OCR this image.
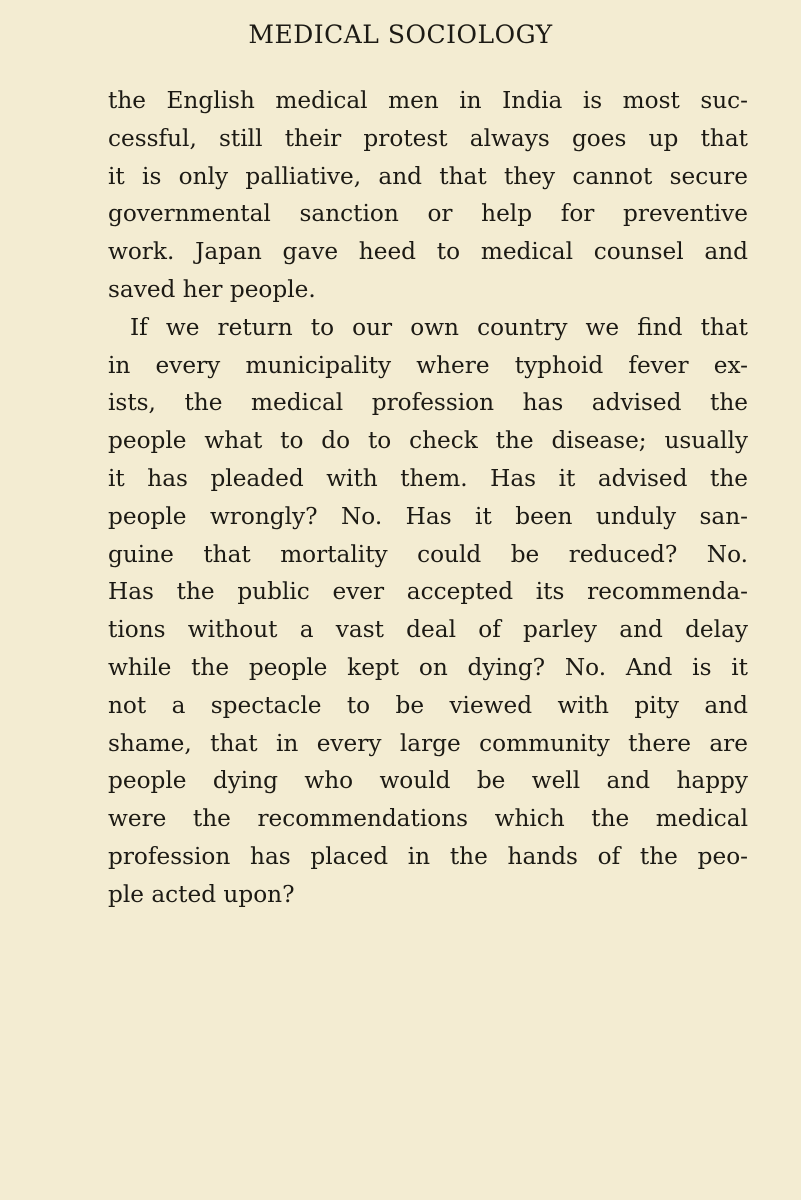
MEDICAL SOCIOLOGY
the English medical men in India is most suc-
cessful, still their protest always goes up that
it is only palliative, and that they cannot secure
governmental sanction or help for preventive
work. Japan gave heed to medical counsel and
saved her people.
If we return to our own country we find that
in every municipality where typhoid fever ex-
ists, the medical profession has advised the
people what to do to check the disease; usually
it has pleaded with them. Has it advised the
people wrongly? No. Has it been unduly san-
guine that mortality could be reduced? No.
Has the public ever accepted its recommenda-
tions without a vast deal of parley and delay
while the people kept on dying? No. And is it
not a spectacle to be viewed with pity and
shame, that in every large community there are
people dying who would be well and happy
were the recommendations which the medical
profession has placed in the hands of the peo-
ple acted upon?
